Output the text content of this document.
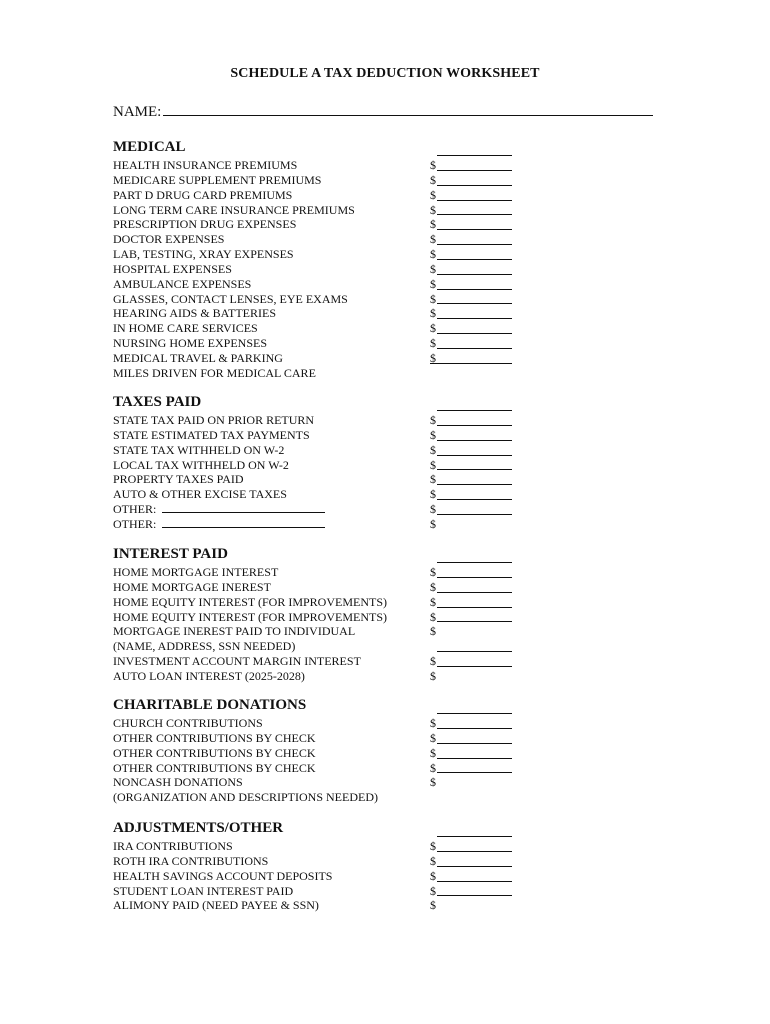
SCHEDULE A TAX DEDUCTION WORKSHEET
NAME:
MEDICAL
HEALTH INSURANCE PREMIUMS	$
MEDICARE SUPPLEMENT PREMIUMS	$
PART D DRUG CARD PREMIUMS	$
LONG TERM CARE INSURANCE PREMIUMS	$
PRESCRIPTION DRUG EXPENSES	$
DOCTOR EXPENSES	$
LAB, TESTING, XRAY EXPENSES	$
HOSPITAL EXPENSES	$
AMBULANCE EXPENSES	$
GLASSES, CONTACT LENSES, EYE EXAMS	$
HEARING AIDS & BATTERIES	$
IN HOME CARE SERVICES	$
NURSING HOME EXPENSES	$
MEDICAL TRAVEL & PARKING	$
MILES DRIVEN FOR MEDICAL CARE
TAXES PAID
STATE TAX PAID ON PRIOR RETURN	$
STATE ESTIMATED TAX PAYMENTS	$
STATE TAX WITHHELD ON W-2	$
LOCAL TAX WITHHELD ON W-2	$
PROPERTY TAXES PAID	$
AUTO & OTHER EXCISE TAXES	$
OTHER:	$
OTHER:	$
INTEREST PAID
HOME MORTGAGE INTEREST	$
HOME MORTGAGE INEREST	$
HOME EQUITY INTEREST (FOR IMPROVEMENTS)	$
HOME EQUITY INTEREST (FOR IMPROVEMENTS)	$
MORTGAGE INEREST PAID TO INDIVIDUAL	$
(NAME, ADDRESS, SSN NEEDED)
INVESTMENT ACCOUNT MARGIN INTEREST	$
AUTO LOAN INTEREST (2025-2028)	$
CHARITABLE DONATIONS
CHURCH CONTRIBUTIONS	$
OTHER CONTRIBUTIONS BY CHECK	$
OTHER CONTRIBUTIONS BY CHECK	$
OTHER CONTRIBUTIONS BY CHECK	$
NONCASH DONATIONS	$
(ORGANIZATION AND DESCRIPTIONS NEEDED)
ADJUSTMENTS/OTHER
IRA CONTRIBUTIONS	$
ROTH IRA CONTRIBUTIONS	$
HEALTH SAVINGS ACCOUNT DEPOSITS	$
STUDENT LOAN INTEREST PAID	$
ALIMONY PAID (NEED PAYEE & SSN)	$
